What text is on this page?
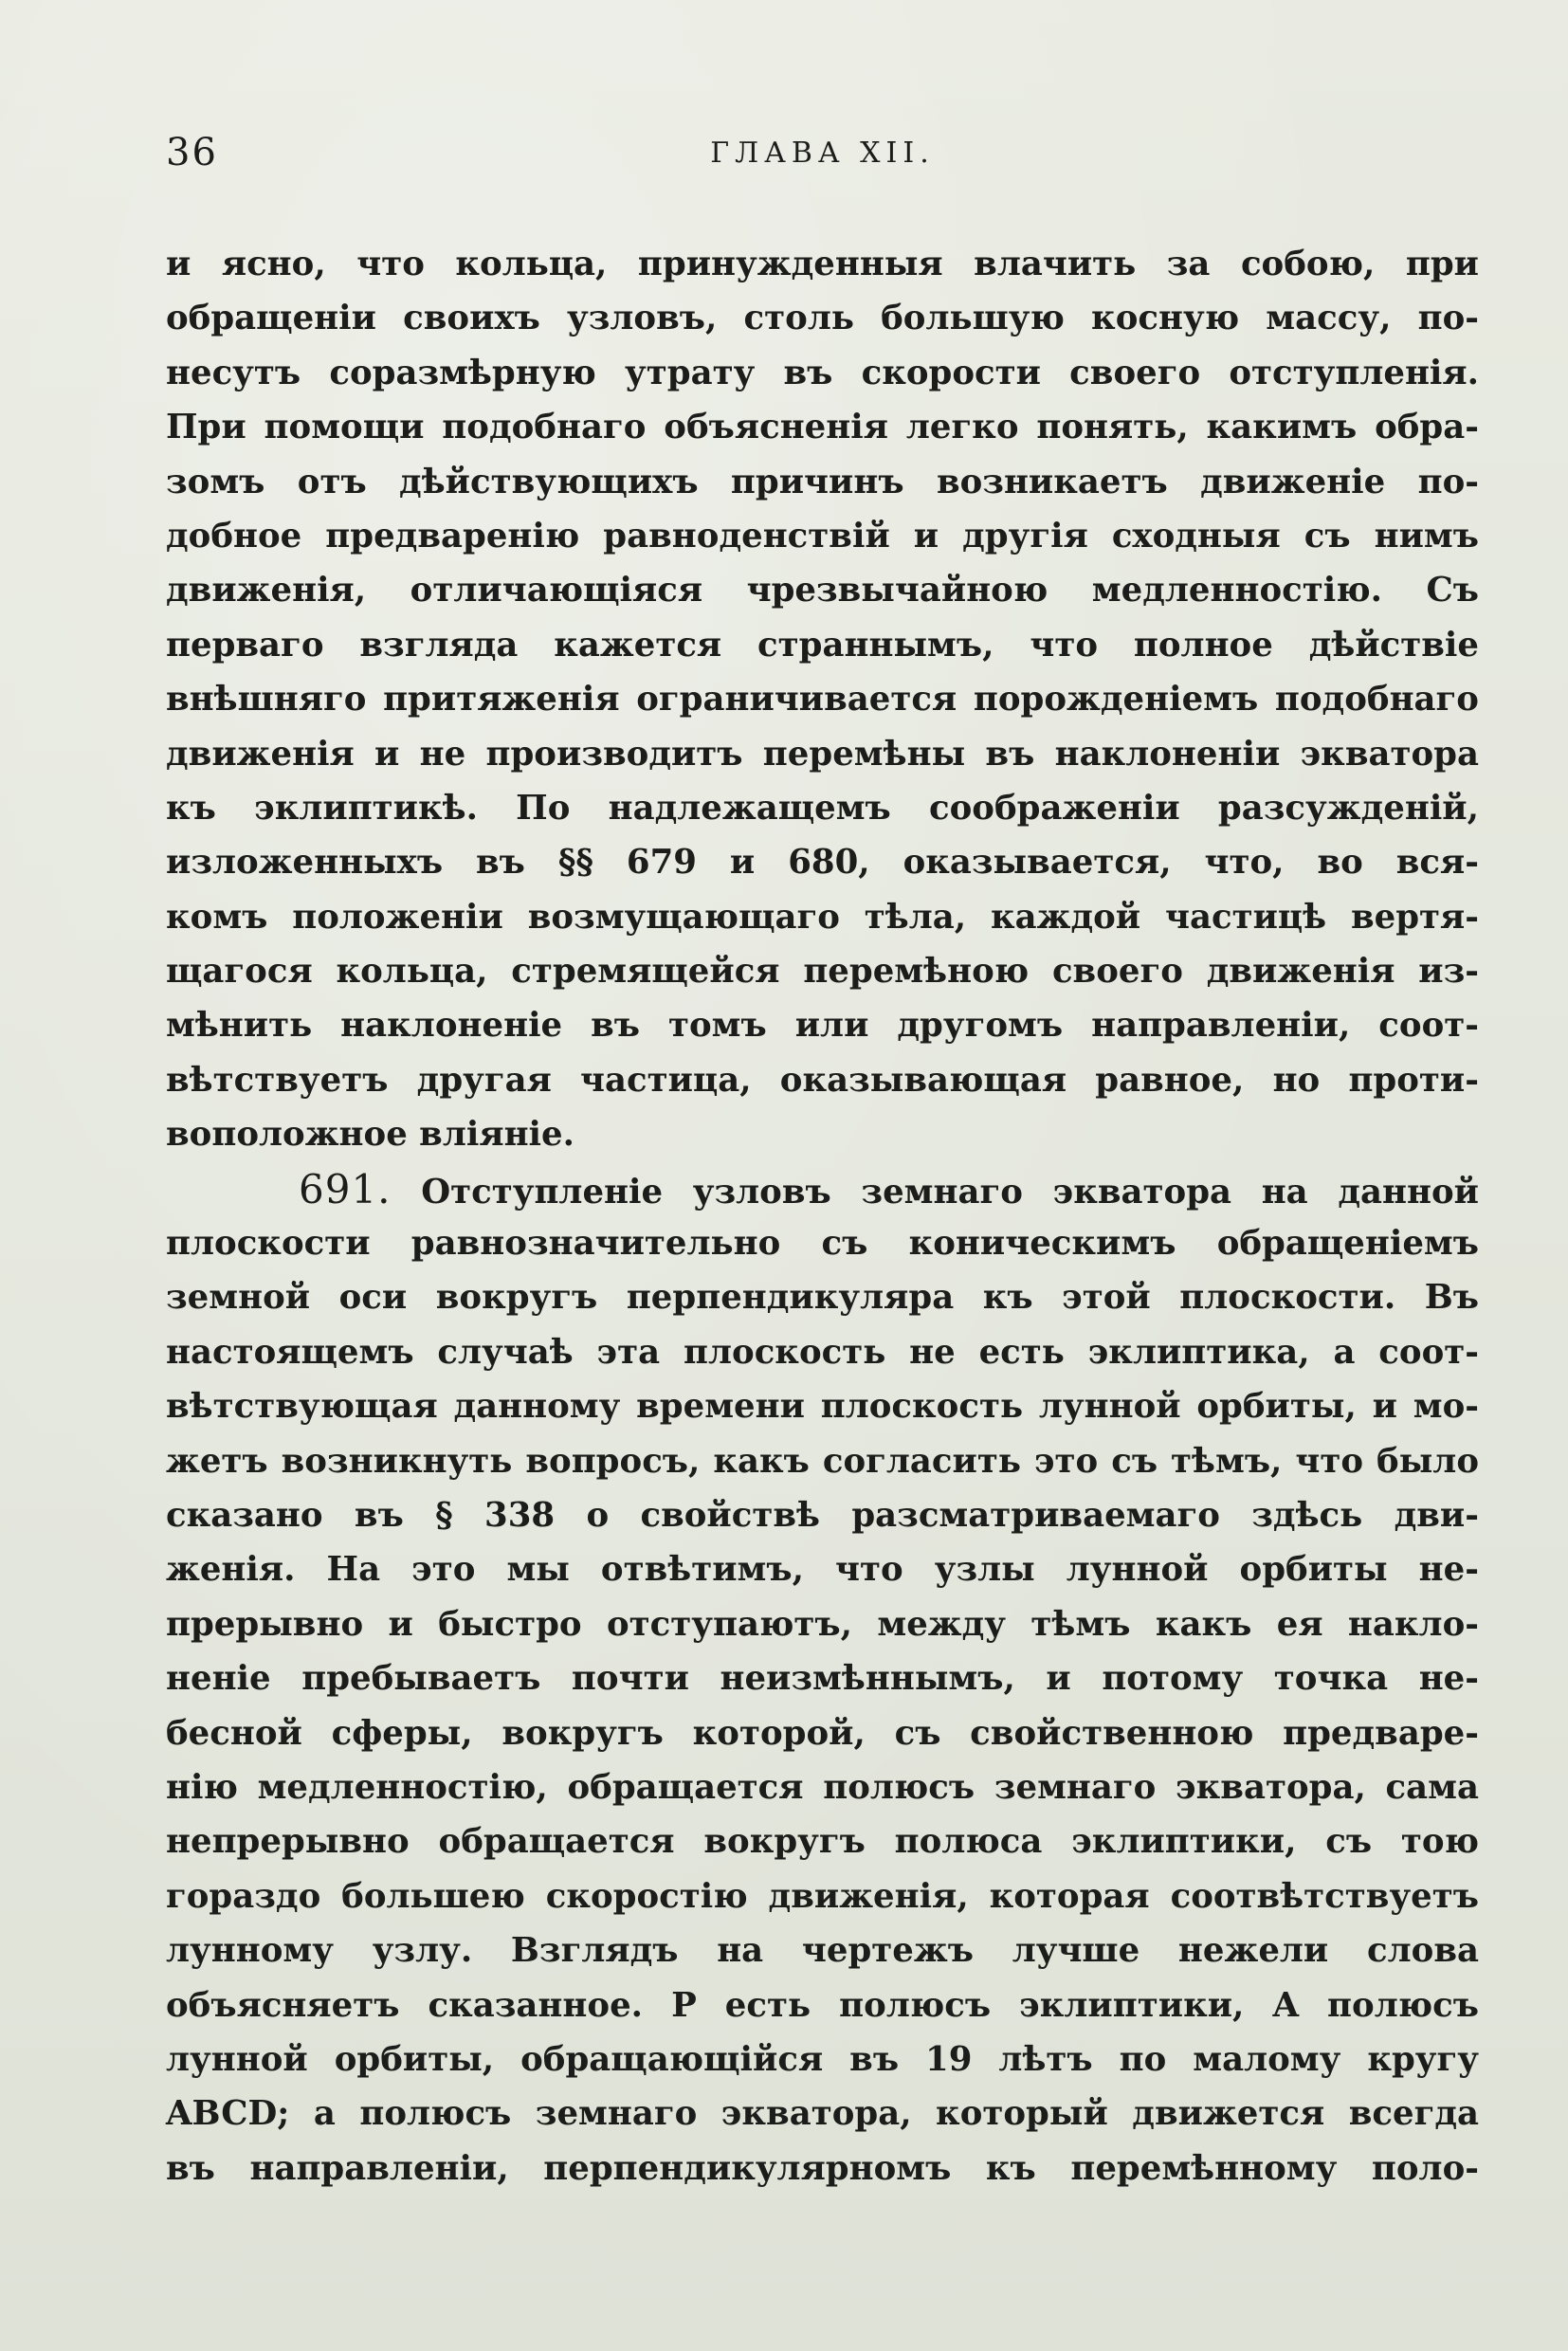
36	ГЛАВА XII.
и ясно, что кольца, принужденныя влачить за собою, при
обращеніи своихъ узловъ, столь большую косную массу, по-
несутъ соразмѣрную утрату въ скорости своего отступленія.
При помощи подобнаго объясненія легко понять, какимъ обра-
зомъ отъ дѣйствующихъ причинъ возникаетъ движеніе по-
добное предваренію равноденствій и другія сходныя съ нимъ
движенія, отличающіяся чрезвычайною медленностію. Съ
перваго взгляда кажется страннымъ, что полное дѣйствіе
внѣшняго притяженія ограничивается порожденіемъ подобнаго
движенія и не производитъ перемѣны въ наклоненіи экватора
къ эклиптикѣ. По надлежащемъ соображеніи разсужденій,
изложенныхъ въ §§ 679 и 680, оказывается, что, во вся-
комъ положеніи возмущающаго тѣла, каждой частицѣ вертя-
щагося кольца, стремящейся перемѣною своего движенія из-
мѣнить наклоненіе въ томъ или другомъ направленіи, соот-
вѣтствуетъ другая частица, оказывающая равное, но проти-
воположное вліяніе.
691. Отступленіе узловъ земнаго экватора на данной
плоскости равнозначительно съ коническимъ обращеніемъ
земной оси вокругъ перпендикуляра къ этой плоскости. Въ
настоящемъ случаѣ эта плоскость не есть эклиптика, а соот-
вѣтствующая данному времени плоскость лунной орбиты, и мо-
жетъ возникнуть вопросъ, какъ согласить это съ тѣмъ, что было
сказано въ § 338 о свойствѣ разсматриваемаго здѣсь дви-
женія. На это мы отвѣтимъ, что узлы лунной орбиты не-
прерывно и быстро отступаютъ, между тѣмъ какъ ея накло-
неніе пребываетъ почти неизмѣннымъ, и потому точка не-
бесной сферы, вокругъ которой, съ свойственною предваре-
нію медленностію, обращается полюсъ земнаго экватора, сама
непрерывно обращается вокругъ полюса эклиптики, съ тою
гораздо большею скоростію движенія, которая соотвѣтствуетъ
лунному узлу. Взглядъ на чертежъ лучше нежели слова
объясняетъ сказанное. P есть полюсъ эклиптики, A полюсъ
лунной орбиты, обращающійся въ 19 лѣтъ по малому кругу
ABCD; a полюсъ земнаго экватора, который движется всегда
въ направленіи, перпендикулярномъ къ перемѣнному поло-
